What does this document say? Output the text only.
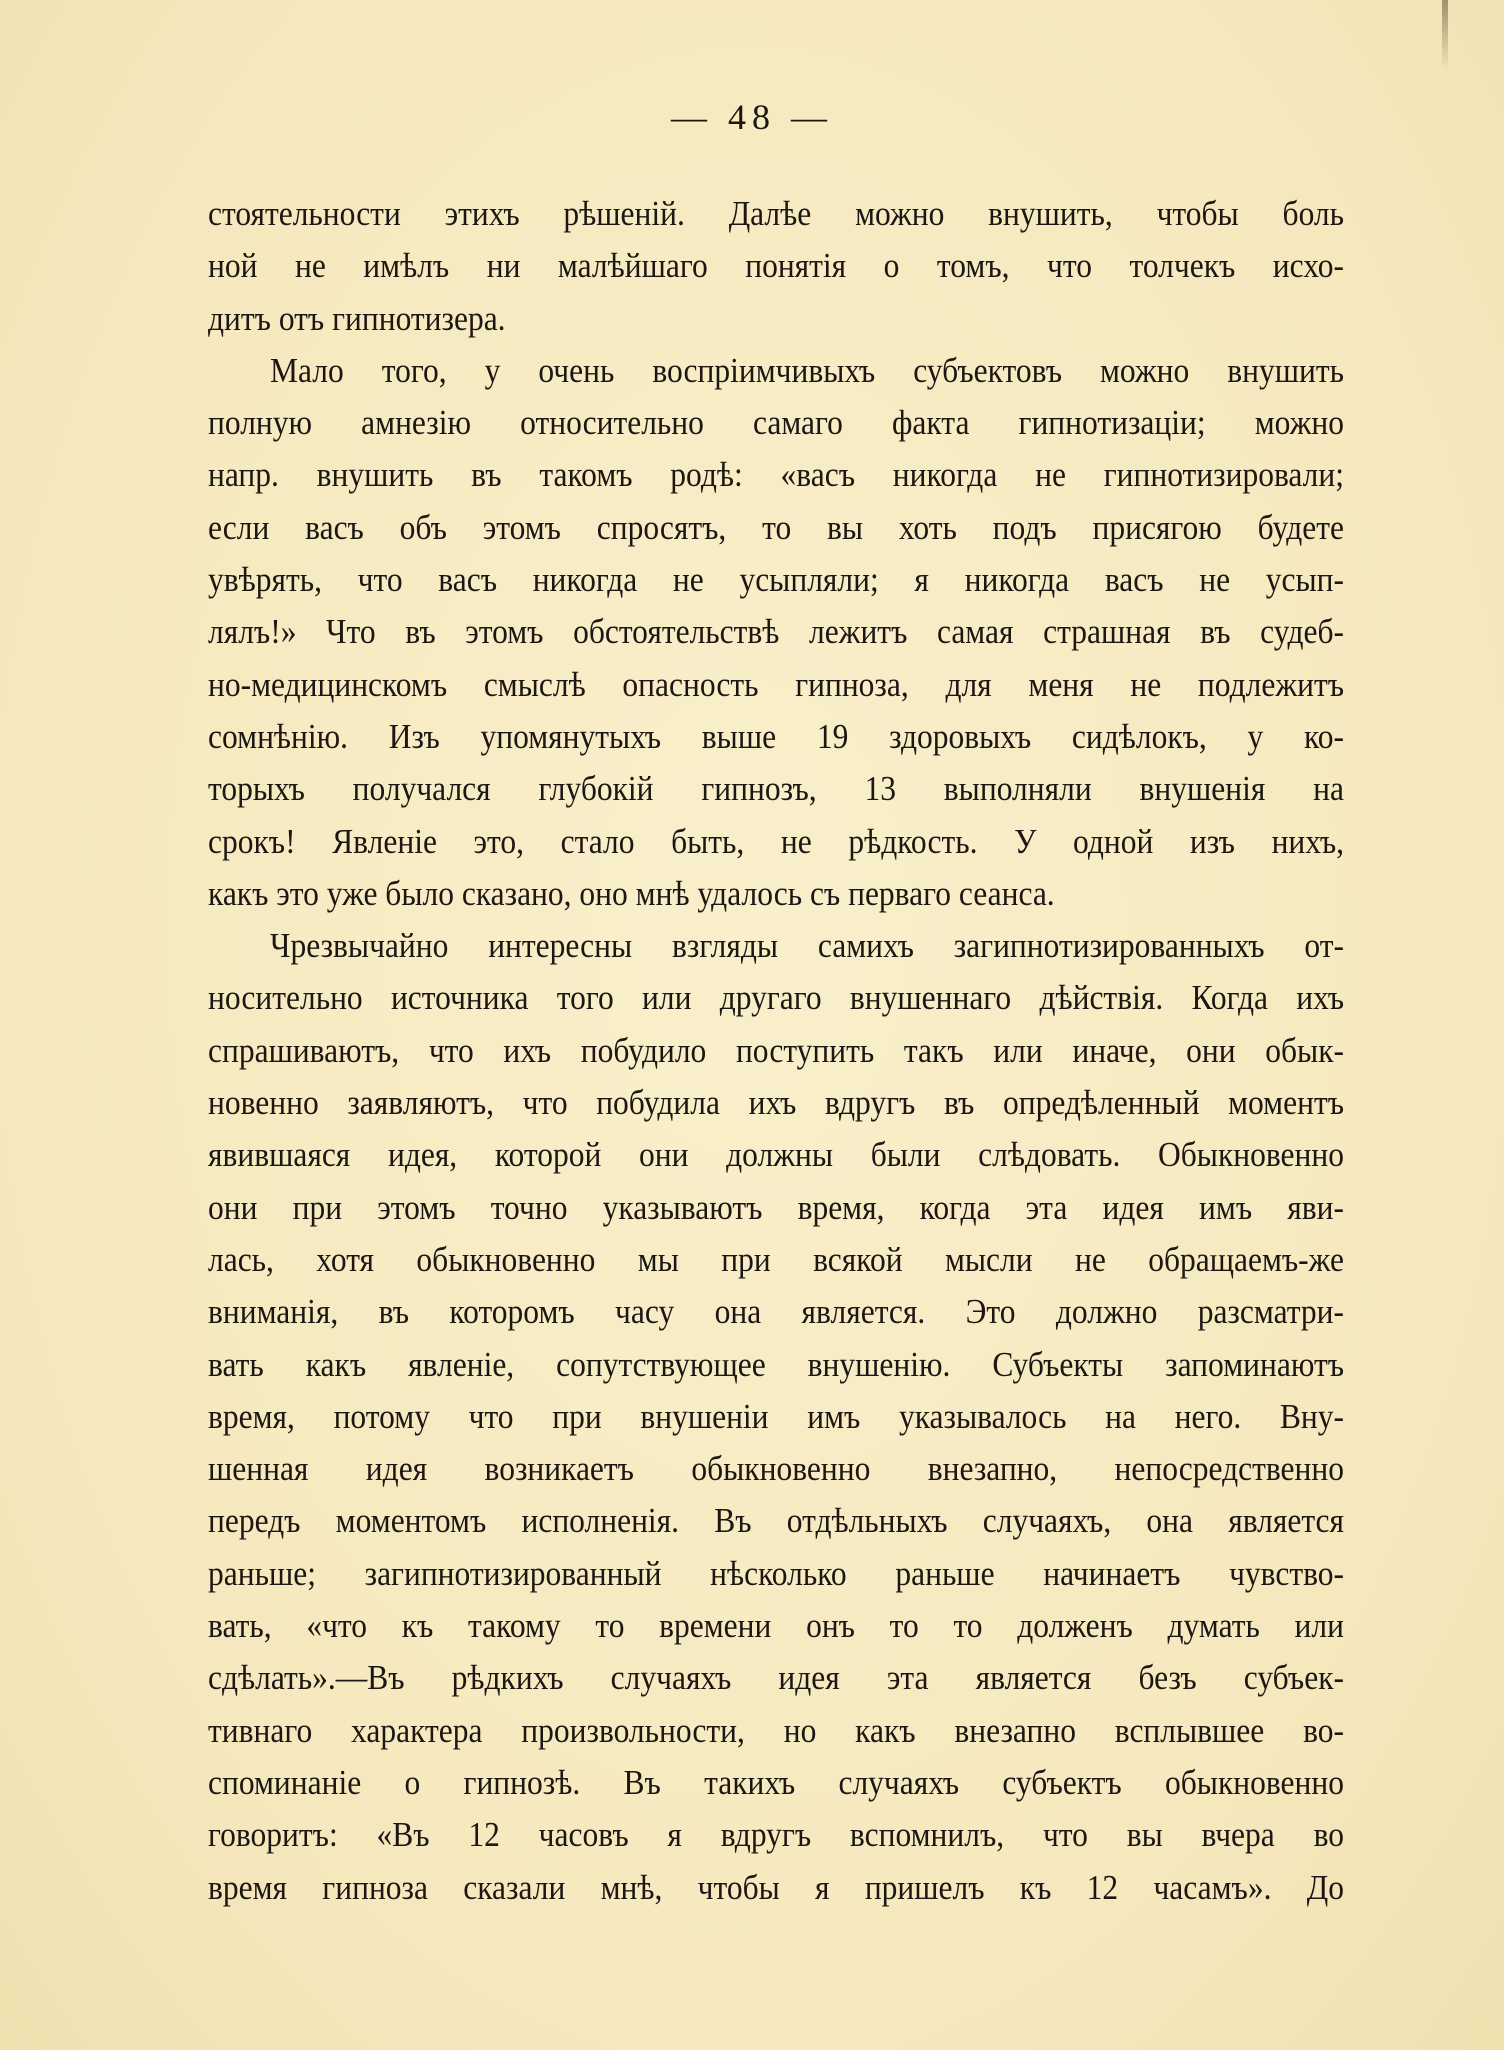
— 48 —
стоятельности этихъ рѣшеній. Далѣе можно внушить, чтобы боль
ной не имѣлъ ни малѣйшаго понятія о томъ, что толчекъ исхо-
дитъ отъ гипнотизера.
Мало того, у очень воспріимчивыхъ субъектовъ можно внушить
полную амнезію относительно самаго факта гипнотизаціи; можно
напр. внушить въ такомъ родѣ: «васъ никогда не гипнотизировали;
если васъ объ этомъ спросятъ, то вы хоть подъ присягою будете
увѣрять, что васъ никогда не усыпляли; я никогда васъ не усып-
лялъ!» Что въ этомъ обстоятельствѣ лежитъ самая страшная въ судеб-
но-медицинскомъ смыслѣ опасность гипноза, для меня не подлежитъ
сомнѣнію. Изъ упомянутыхъ выше 19 здоровыхъ сидѣлокъ, у ко-
торыхъ получался глубокій гипнозъ, 13 выполняли внушенія на
срокъ! Явленіе это, стало быть, не рѣдкость. У одной изъ нихъ,
какъ это уже было сказано, оно мнѣ удалось съ перваго сеанса.
Чрезвычайно интересны взгляды самихъ загипнотизированныхъ от-
носительно источника того или другаго внушеннаго дѣйствія. Когда ихъ
спрашиваютъ, что ихъ побудило поступить такъ или иначе, они обык-
новенно заявляютъ, что побудила ихъ вдругъ въ опредѣленный моментъ
явившаяся идея, которой они должны были слѣдовать. Обыкновенно
они при этомъ точно указываютъ время, когда эта идея имъ яви-
лась, хотя обыкновенно мы при всякой мысли не обращаемъ-же
вниманія, въ которомъ часу она является. Это должно разсматри-
вать какъ явленіе, сопутствующее внушенію. Субъекты запоминаютъ
время, потому что при внушеніи имъ указывалось на него. Вну-
шенная идея возникаетъ обыкновенно внезапно, непосредственно
передъ моментомъ исполненія. Въ отдѣльныхъ случаяхъ, она является
раньше; загипнотизированный нѣсколько раньше начинаетъ чувство-
вать, «что къ такому то времени онъ то то долженъ думать или
сдѣлать».—Въ рѣдкихъ случаяхъ идея эта является безъ субъек-
тивнаго характера произвольности, но какъ внезапно всплывшее во-
споминаніе о гипнозѣ. Въ такихъ случаяхъ субъектъ обыкновенно
говоритъ: «Въ 12 часовъ я вдругъ вспомнилъ, что вы вчера во
время гипноза сказали мнѣ, чтобы я пришелъ къ 12 часамъ». До
